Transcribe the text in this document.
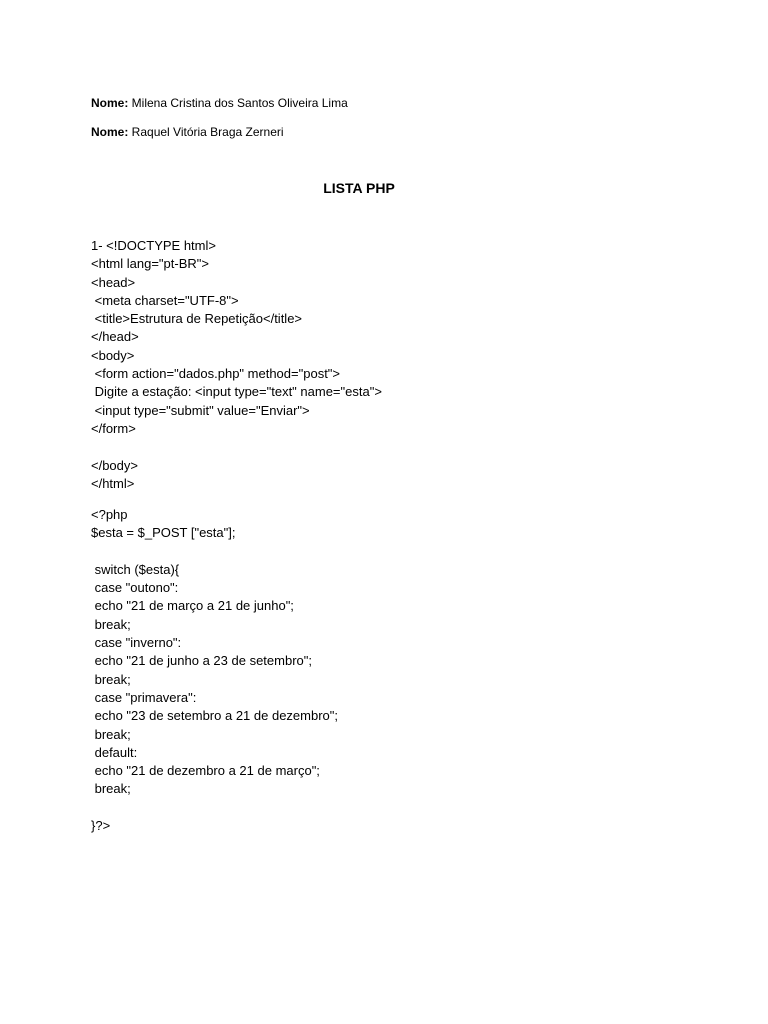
Nome: Milena Cristina dos Santos Oliveira Lima
Nome: Raquel Vitória Braga Zerneri
LISTA PHP
1- <!DOCTYPE html>
<html lang="pt-BR">
<head>
<meta charset="UTF-8">
<title>Estrutura de Repetição</title>
</head>
<body>
<form action="dados.php" method="post">
Digite a estação: <input type="text" name="esta">
<input type="submit" value="Enviar">
</form>
</body>
</html>
<?php
$esta = $_POST ["esta"];
switch ($esta){
case "outono":
echo "21 de março a 21 de junho";
break;
case "inverno":
echo "21 de junho a 23 de setembro";
break;
case "primavera":
echo "23 de setembro a 21 de dezembro";
break;
default:
echo "21 de dezembro a 21 de março";
break;
}?>
